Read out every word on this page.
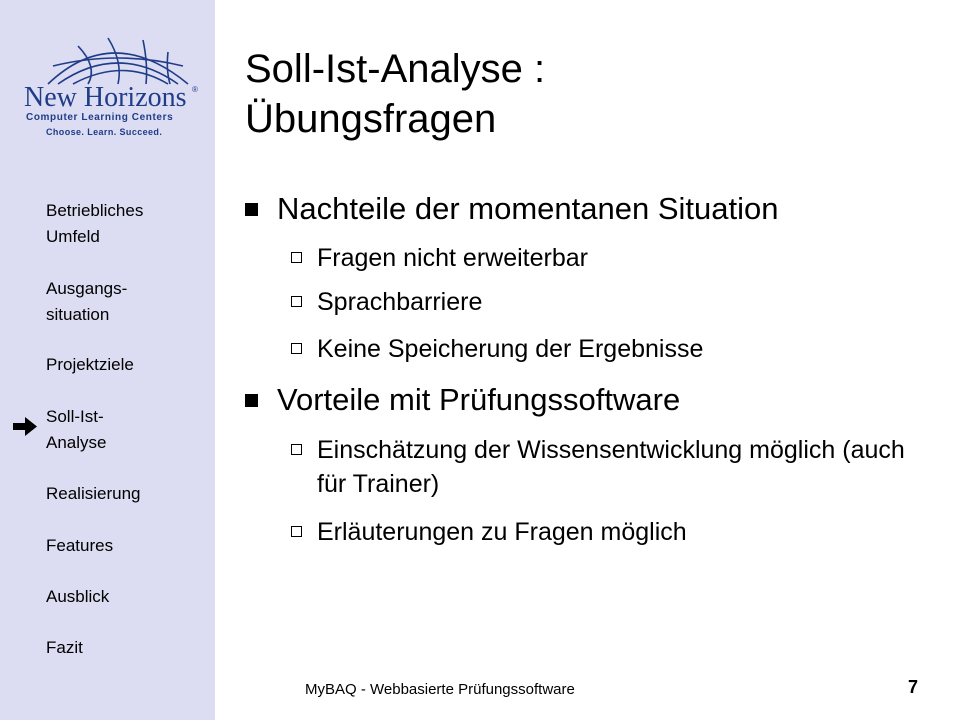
New Horizons ®
Computer Learning Centers
Choose. Learn. Succeed.
Betriebliches
Umfeld
Ausgangs-
situation
Projektziele
Soll-Ist-
Analyse
Realisierung
Features
Ausblick
Fazit
Soll-Ist-Analyse :
Übungsfragen
Nachteile der momentanen Situation
Fragen nicht erweiterbar
Sprachbarriere
Keine Speicherung der Ergebnisse
Vorteile mit Prüfungssoftware
Einschätzung der Wissensentwicklung möglich (auch für Trainer)
Erläuterungen zu Fragen möglich
MyBAQ - Webbasierte Prüfungssoftware	7
